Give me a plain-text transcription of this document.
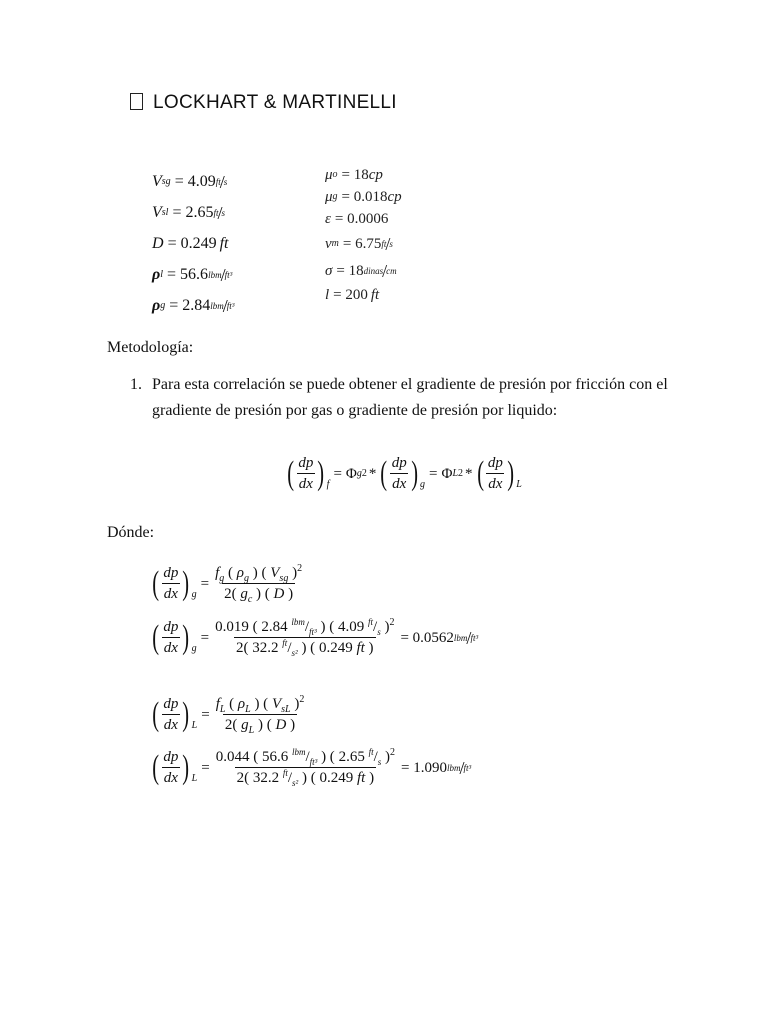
LOCKHART & MARTINELLI
V sg = 4.09 ft / s
V sl = 2.65 ft / s
D = 0.249 ft
ρ l = 56.6 lbm / ft³
ρ g = 2.84 lbm / ft³
μ o = 18 cp
μ g = 0.018 cp
ε = 0.0006
v m = 6.75 ft / s
σ = 18 dinas / cm
l = 200 ft
Metodología:
1. Para esta correlación se puede obtener el gradiente de presión por fricción con el gradiente de presión por gas o gradiente de presión por liquido:
( $\frac{dp}{dx}$ ) f
= Φ g 2 * ( $\frac{dp}{dx}$ ) g
= Φ L 2 * ( $\frac{dp}{dx}$ ) L
Dónde:
( $\frac{dp}{dx}$ ) g
= $\frac{f_g ( \rho_g ) ( V_{sg} )^2}{2( g_c ) ( D )}$
( $\frac{dp}{dx}$ ) g
= $\frac{0.019 ( 2.84 ^{lbm}/_{ft^3} ) ( 4.09 ^{ft}/_s )^2}{2( 32.2 ^{ft}/_{s^2} ) ( 0.249 ft )} = 0.0562$ lbm / ft³
( $\frac{dp}{dx}$ ) L
= $\frac{f_L ( \rho_L ) ( V_{sL} )^2}{2( g_L ) ( D )}$
( $\frac{dp}{dx}$ ) L
= $\frac{0.044 ( 56.6 ^{lbm}/_{ft^3} ) ( 2.65 ^{ft}/_s )^2}{2( 32.2 ^{ft}/_{s^2} ) ( 0.249 ft )} = 1.090$ lbm / ft³
